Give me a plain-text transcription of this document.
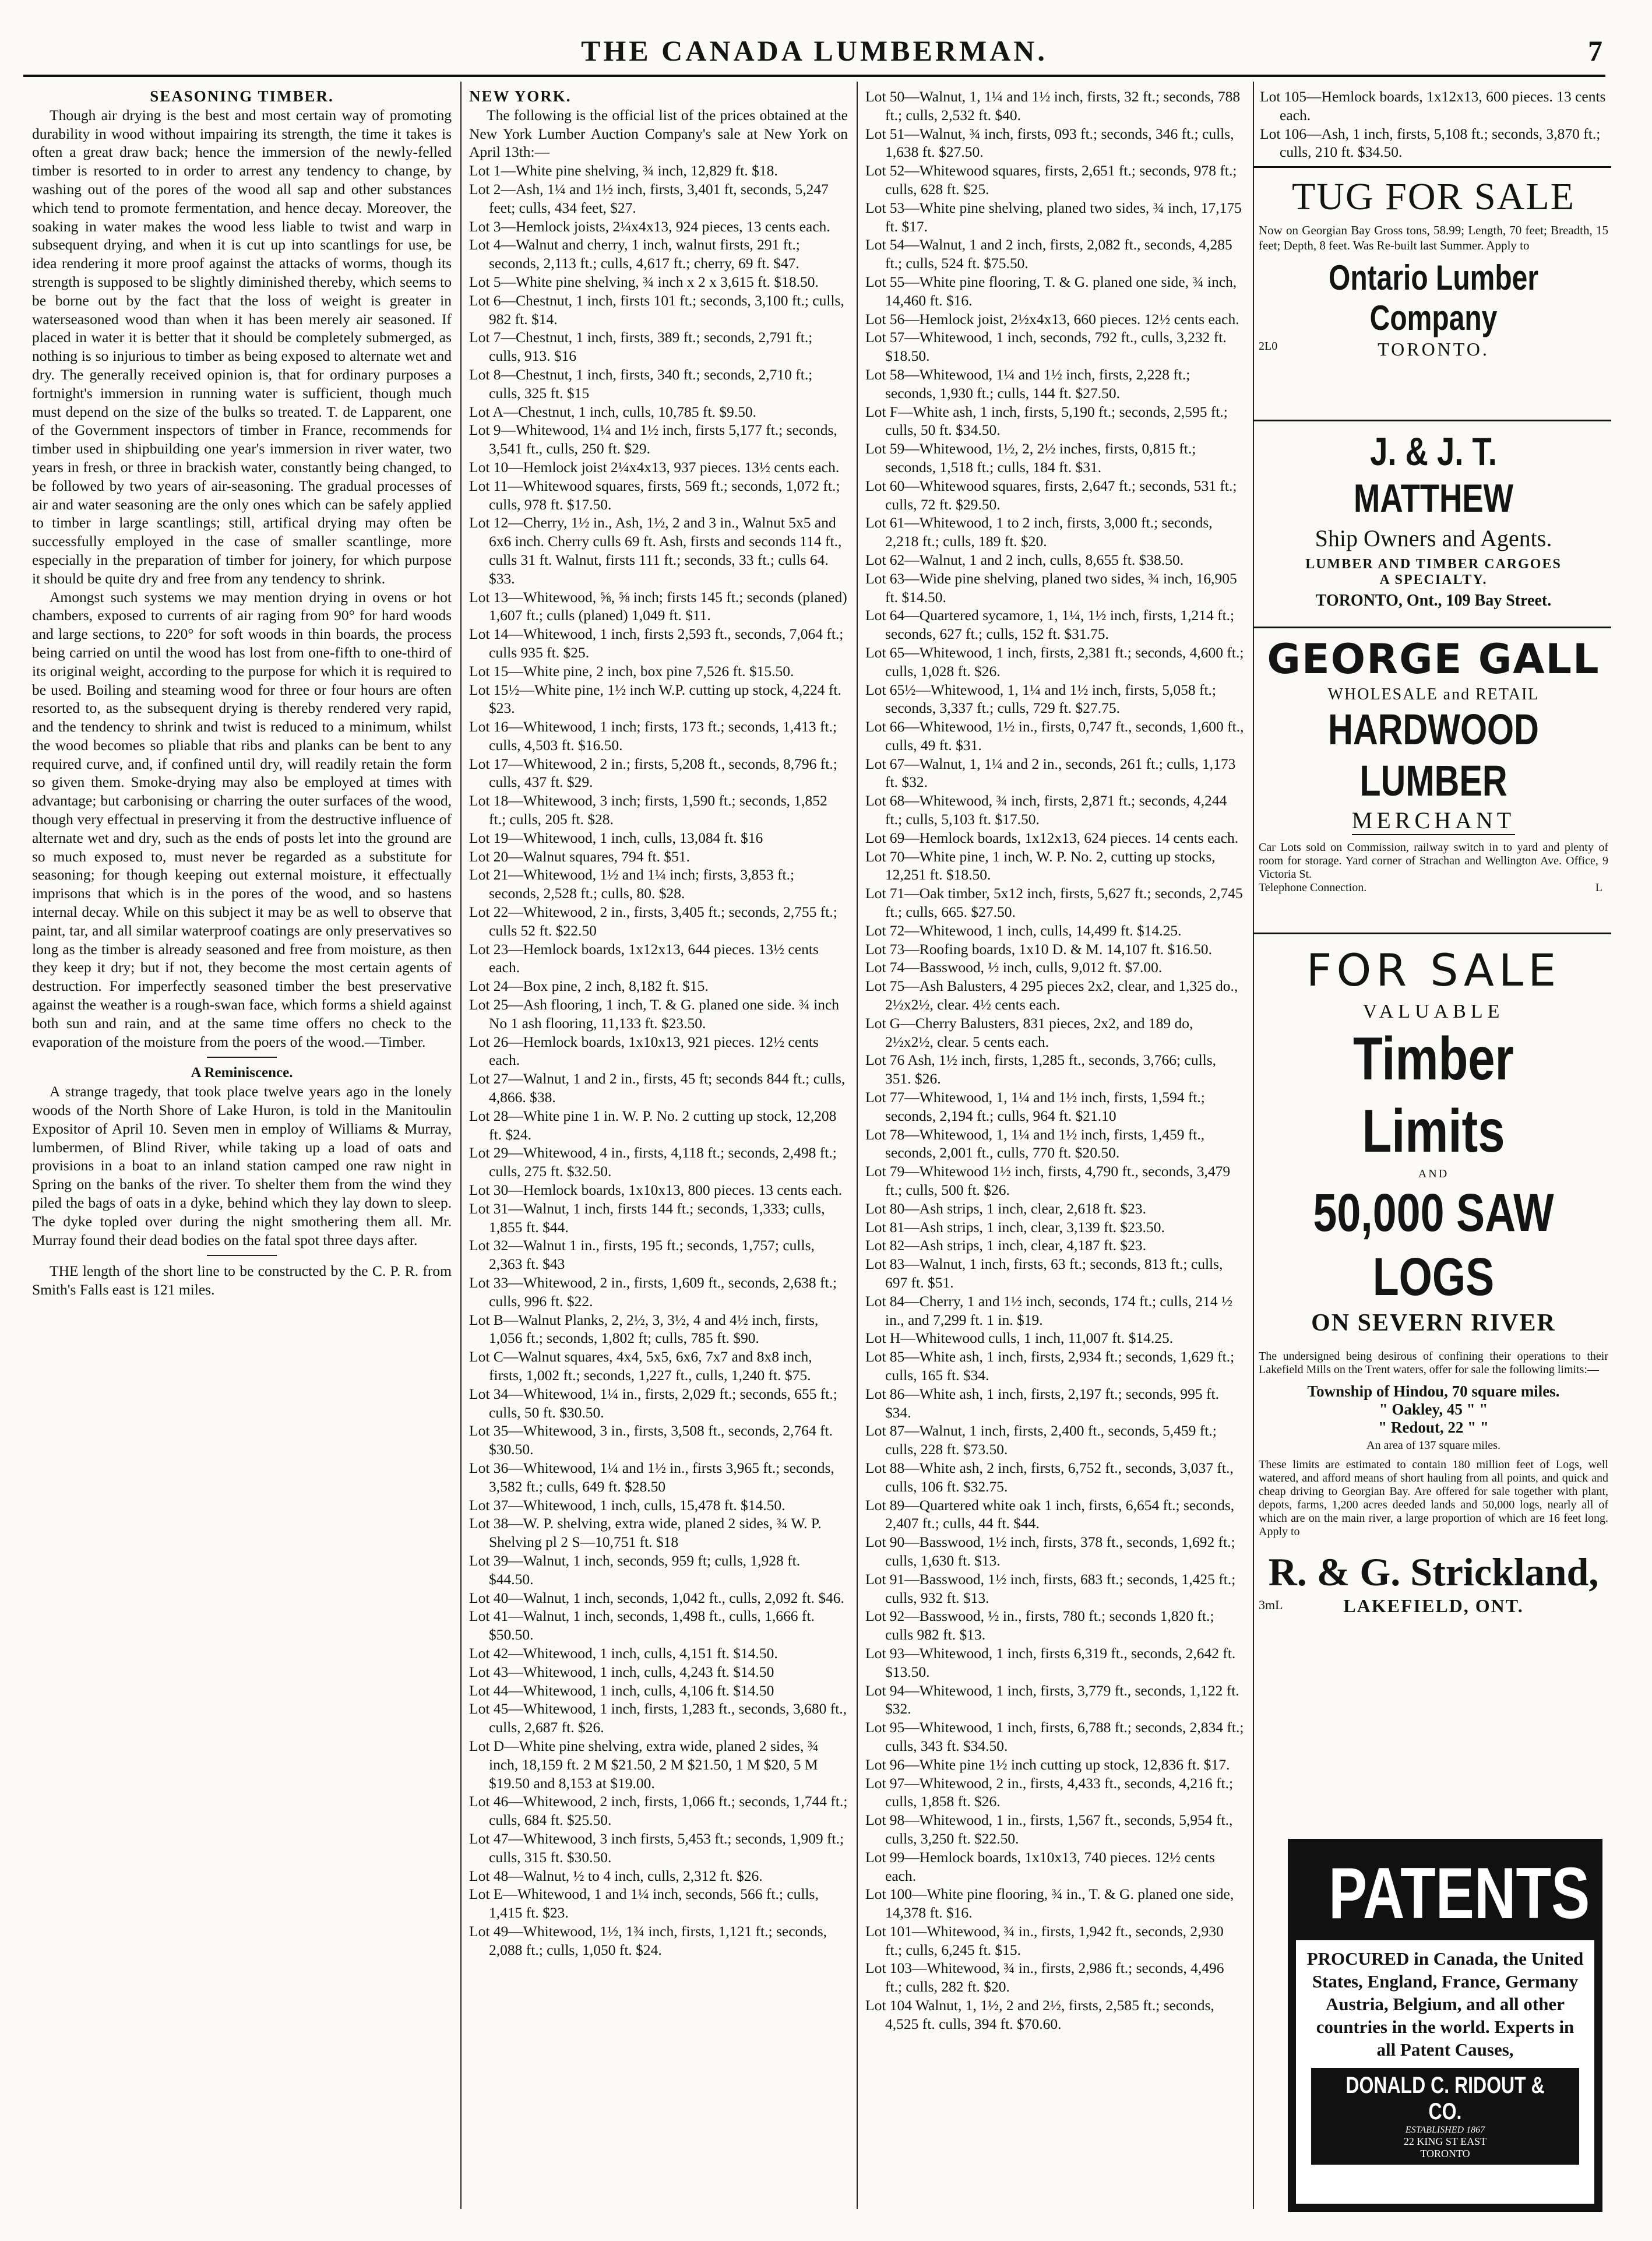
THE CANADA LUMBERMAN.	7

SEASONING TIMBER.

Though air drying is the best and most certain way of promoting durability in wood without impairing its strength, the time it takes is often a great draw back; hence the immersion of the newly-felled timber is resorted to in order to arrest any tendency to change, by washing out of the pores of the wood all sap and other substances which tend to promote fermentation, and hence decay. Moreover, the soaking in water makes the wood less liable to twist and warp in subsequent drying, and when it is cut up into scantlings for use, be idea rendering it more proof against the attacks of worms, though its strength is supposed to be slightly diminished thereby, which seems to be borne out by the fact that the loss of weight is greater in waterseasoned wood than when it has been merely air seasoned. If placed in water it is better that it should be completely submerged, as nothing is so injurious to timber as being exposed to alternate wet and dry. The generally received opinion is, that for ordinary purposes a fortnight's immersion in running water is sufficient, though much must depend on the size of the bulks so treated. T. de Lapparent, one of the Government inspectors of timber in France, recommends for timber used in shipbuilding one year's immersion in river water, two years in fresh, or three in brackish water, constantly being changed, to be followed by two years of air-seasoning. The gradual processes of air and water seasoning are the only ones which can be safely applied to timber in large scantlings; still, artifical drying may often be successfully employed in the case of smaller scantlinge, more especially in the preparation of timber for joinery, for which purpose it should be quite dry and free from any tendency to shrink.

Amongst such systems we may mention drying in ovens or hot chambers, exposed to currents of air raging from 90° for hard woods and large sections, to 220° for soft woods in thin boards, the process being carried on until the wood has lost from one-fifth to one-third of its original weight, according to the purpose for which it is required to be used. Boiling and steaming wood for three or four hours are often resorted to, as the subsequent drying is thereby rendered very rapid, and the tendency to shrink and twist is reduced to a minimum, whilst the wood becomes so pliable that ribs and planks can be bent to any required curve, and, if confined until dry, will readily retain the form so given them. Smoke-drying may also be employed at times with advantage; but carbonising or charring the outer surfaces of the wood, though very effectual in preserving it from the destructive influence of alternate wet and dry, such as the ends of posts let into the ground are so much exposed to, must never be regarded as a substitute for seasoning; for though keeping out external moisture, it effectually imprisons that which is in the pores of the wood, and so hastens internal decay. While on this subject it may be as well to observe that paint, tar, and all similar waterproof coatings are only preservatives so long as the timber is already seasoned and free from moisture, as then they keep it dry; but if not, they become the most certain agents of destruction. For imperfectly seasoned timber the best preservative against the weather is a rough-swan face, which forms a shield against both sun and rain, and at the same time offers no check to the evaporation of the moisture from the poers of the wood.—Timber.

A Reminiscence.

A strange tragedy, that took place twelve years ago in the lonely woods of the North Shore of Lake Huron, is told in the Manitoulin Expositor of April 10. Seven men in employ of Williams & Murray, lumbermen, of Blind River, while taking up a load of oats and provisions in a boat to an inland station camped one raw night in Spring on the banks of the river. To shelter them from the wind they piled the bags of oats in a dyke, behind which they lay down to sleep. The dyke topled over during the night smothering them all. Mr. Murray found their dead bodies on the fatal spot three days after.

THE length of the short line to be constructed by the C. P. R. from Smith's Falls east is 121 miles.

NEW YORK.

The following is the official list of the prices obtained at the New York Lumber Auction Company's sale at New York on April 13th:—

Lot 1—White pine shelving, ¾ inch, 12,829 ft. $18.

Lot 2—Ash, 1¼ and 1½ inch, firsts, 3,401 ft, seconds, 5,247 feet; culls, 434 feet, $27.

Lot 3—Hemlock joists, 2¼x4x13, 924 pieces, 13 cents each.

Lot 4—Walnut and cherry, 1 inch, walnut firsts, 291 ft.; seconds, 2,113 ft.; culls, 4,617 ft.; cherry, 69 ft. $47.

Lot 5—White pine shelving, ¾ inch x 2 x 3,615 ft. $18.50.

Lot 6—Chestnut, 1 inch, firsts 101 ft.; seconds, 3,100 ft.; culls, 982 ft. $14.

Lot 7—Chestnut, 1 inch, firsts, 389 ft.; seconds, 2,791 ft.; culls, 913. $16

Lot 8—Chestnut, 1 inch, firsts, 340 ft.; seconds, 2,710 ft.; culls, 325 ft. $15

Lot A—Chestnut, 1 inch, culls, 10,785 ft. $9.50.

Lot 9—Whitewood, 1¼ and 1½ inch, firsts 5,177 ft.; seconds, 3,541 ft., culls, 250 ft. $29.

Lot 10—Hemlock joist 2¼x4x13, 937 pieces. 13½ cents each.

Lot 11—Whitewood squares, firsts, 569 ft.; seconds, 1,072 ft.; culls, 978 ft. $17.50.

Lot 12—Cherry, 1½ in., Ash, 1½, 2 and 3 in., Walnut 5x5 and 6x6 inch. Cherry culls 69 ft. Ash, firsts and seconds 114 ft., culls 31 ft. Walnut, firsts 111 ft.; seconds, 33 ft.; culls 64. $33.

Lot 13—Whitewood, ⅝, ⅝ inch; firsts 145 ft.; seconds (planed) 1,607 ft.; culls (planed) 1,049 ft. $11.

Lot 14—Whitewood, 1 inch, firsts 2,593 ft., seconds, 7,064 ft.; culls 935 ft. $25.

Lot 15—White pine, 2 inch, box pine 7,526 ft. $15.50.

Lot 15½—White pine, 1½ inch W.P. cutting up stock, 4,224 ft. $23.

Lot 16—Whitewood, 1 inch; firsts, 173 ft.; seconds, 1,413 ft.; culls, 4,503 ft. $16.50.

Lot 17—Whitewood, 2 in.; firsts, 5,208 ft., seconds, 8,796 ft.; culls, 437 ft. $29.

Lot 18—Whitewood, 3 inch; firsts, 1,590 ft.; seconds, 1,852 ft.; culls, 205 ft. $28.

Lot 19—Whitewood, 1 inch, culls, 13,084 ft. $16

Lot 20—Walnut squares, 794 ft. $51.

Lot 21—Whitewood, 1½ and 1¼ inch; firsts, 3,853 ft.; seconds, 2,528 ft.; culls, 80. $28.

Lot 22—Whitewood, 2 in., firsts, 3,405 ft.; seconds, 2,755 ft.; culls 52 ft. $22.50

Lot 23—Hemlock boards, 1x12x13, 644 pieces. 13½ cents each.

Lot 24—Box pine, 2 inch, 8,182 ft. $15.

Lot 25—Ash flooring, 1 inch, T. & G. planed one side. ¾ inch No 1 ash flooring, 11,133 ft. $23.50.

Lot 26—Hemlock boards, 1x10x13, 921 pieces. 12½ cents each.

Lot 27—Walnut, 1 and 2 in., firsts, 45 ft; seconds 844 ft.; culls, 4,866. $38.

Lot 28—White pine 1 in. W. P. No. 2 cutting up stock, 12,208 ft. $24.

Lot 29—Whitewood, 4 in., firsts, 4,118 ft.; seconds, 2,498 ft.; culls, 275 ft. $32.50.

Lot 30—Hemlock boards, 1x10x13, 800 pieces. 13 cents each.

Lot 31—Walnut, 1 inch, firsts 144 ft.; seconds, 1,333; culls, 1,855 ft. $44.

Lot 32—Walnut 1 in., firsts, 195 ft.; seconds, 1,757; culls, 2,363 ft. $43

Lot 33—Whitewood, 2 in., firsts, 1,609 ft., seconds, 2,638 ft.; culls, 996 ft. $22.

Lot B—Walnut Planks, 2, 2½, 3, 3½, 4 and 4½ inch, firsts, 1,056 ft.; seconds, 1,802 ft; culls, 785 ft. $90.

Lot C—Walnut squares, 4x4, 5x5, 6x6, 7x7 and 8x8 inch, firsts, 1,002 ft.; seconds, 1,227 ft., culls, 1,240 ft. $75.

Lot 34—Whitewood, 1¼ in., firsts, 2,029 ft.; seconds, 655 ft.; culls, 50 ft. $30.50.

Lot 35—Whitewood, 3 in., firsts, 3,508 ft., seconds, 2,764 ft. $30.50.

Lot 36—Whitewood, 1¼ and 1½ in., firsts 3,965 ft.; seconds, 3,582 ft.; culls, 649 ft. $28.50

Lot 37—Whitewood, 1 inch, culls, 15,478 ft. $14.50.

Lot 38—W. P. shelving, extra wide, planed 2 sides, ¾ W. P. Shelving pl 2 S—10,751 ft. $18

Lot 39—Walnut, 1 inch, seconds, 959 ft; culls, 1,928 ft. $44.50.

Lot 40—Walnut, 1 inch, seconds, 1,042 ft., culls, 2,092 ft. $46.

Lot 41—Walnut, 1 inch, seconds, 1,498 ft., culls, 1,666 ft. $50.50.

Lot 42—Whitewood, 1 inch, culls, 4,151 ft. $14.50.

Lot 43—Whitewood, 1 inch, culls, 4,243 ft. $14.50

Lot 44—Whitewood, 1 inch, culls, 4,106 ft. $14.50

Lot 45—Whitewood, 1 inch, firsts, 1,283 ft., seconds, 3,680 ft., culls, 2,687 ft. $26.

Lot D—White pine shelving, extra wide, planed 2 sides, ¾ inch, 18,159 ft. 2 M $21.50, 2 M $21.50, 1 M $20, 5 M $19.50 and 8,153 at $19.00.

Lot 46—Whitewood, 2 inch, firsts, 1,066 ft.; seconds, 1,744 ft.; culls, 684 ft. $25.50.

Lot 47—Whitewood, 3 inch firsts, 5,453 ft.; seconds, 1,909 ft.; culls, 315 ft. $30.50.

Lot 48—Walnut, ½ to 4 inch, culls, 2,312 ft. $26.

Lot E—Whitewood, 1 and 1¼ inch, seconds, 566 ft.; culls, 1,415 ft. $23.

Lot 49—Whitewood, 1½, 1¾ inch, firsts, 1,121 ft.; seconds, 2,088 ft.; culls, 1,050 ft. $24.

Lot 50—Walnut, 1, 1¼ and 1½ inch, firsts, 32 ft.; seconds, 788 ft.; culls, 2,532 ft. $40.

Lot 51—Walnut, ¾ inch, firsts, 093 ft.; seconds, 346 ft.; culls, 1,638 ft. $27.50.

Lot 52—Whitewood squares, firsts, 2,651 ft.; seconds, 978 ft.; culls, 628 ft. $25.

Lot 53—White pine shelving, planed two sides, ¾ inch, 17,175 ft. $17.

Lot 54—Walnut, 1 and 2 inch, firsts, 2,082 ft., seconds, 4,285 ft.; culls, 524 ft. $75.50.

Lot 55—White pine flooring, T. & G. planed one side, ¾ inch, 14,460 ft. $16.

Lot 56—Hemlock joist, 2½x4x13, 660 pieces. 12½ cents each.

Lot 57—Whitewood, 1 inch, seconds, 792 ft., culls, 3,232 ft. $18.50.

Lot 58—Whitewood, 1¼ and 1½ inch, firsts, 2,228 ft.; seconds, 1,930 ft.; culls, 144 ft. $27.50.

Lot F—White ash, 1 inch, firsts, 5,190 ft.; seconds, 2,595 ft.; culls, 50 ft. $34.50.

Lot 59—Whitewood, 1½, 2, 2½ inches, firsts, 0,815 ft.; seconds, 1,518 ft.; culls, 184 ft. $31.

Lot 60—Whitewood squares, firsts, 2,647 ft.; seconds, 531 ft.; culls, 72 ft. $29.50.

Lot 61—Whitewood, 1 to 2 inch, firsts, 3,000 ft.; seconds, 2,218 ft.; culls, 189 ft. $20.

Lot 62—Walnut, 1 and 2 inch, culls, 8,655 ft. $38.50.

Lot 63—Wide pine shelving, planed two sides, ¾ inch, 16,905 ft. $14.50.

Lot 64—Quartered sycamore, 1, 1¼, 1½ inch, firsts, 1,214 ft.; seconds, 627 ft.; culls, 152 ft. $31.75.

Lot 65—Whitewood, 1 inch, firsts, 2,381 ft.; seconds, 4,600 ft.; culls, 1,028 ft. $26.

Lot 65½—Whitewood, 1, 1¼ and 1½ inch, firsts, 5,058 ft.; seconds, 3,337 ft.; culls, 729 ft. $27.75.

Lot 66—Whitewood, 1½ in., firsts, 0,747 ft., seconds, 1,600 ft., culls, 49 ft. $31.

Lot 67—Walnut, 1, 1¼ and 2 in., seconds, 261 ft.; culls, 1,173 ft. $32.

Lot 68—Whitewood, ¾ inch, firsts, 2,871 ft.; seconds, 4,244 ft.; culls, 5,103 ft. $17.50.

Lot 69—Hemlock boards, 1x12x13, 624 pieces. 14 cents each.

Lot 70—White pine, 1 inch, W. P. No. 2, cutting up stocks, 12,251 ft. $18.50.

Lot 71—Oak timber, 5x12 inch, firsts, 5,627 ft.; seconds, 2,745 ft.; culls, 665. $27.50.

Lot 72—Whitewood, 1 inch, culls, 14,499 ft. $14.25.

Lot 73—Roofing boards, 1x10 D. & M. 14,107 ft. $16.50.

Lot 74—Basswood, ½ inch, culls, 9,012 ft. $7.00.

Lot 75—Ash Balusters, 4 295 pieces 2x2, clear, and 1,325 do., 2½x2½, clear. 4½ cents each.

Lot G—Cherry Balusters, 831 pieces, 2x2, and 189 do, 2½x2½, clear. 5 cents each.

Lot 76 Ash, 1½ inch, firsts, 1,285 ft., seconds, 3,766; culls, 351. $26.

Lot 77—Whitewood, 1, 1¼ and 1½ inch, firsts, 1,594 ft.; seconds, 2,194 ft.; culls, 964 ft. $21.10

Lot 78—Whitewood, 1, 1¼ and 1½ inch, firsts, 1,459 ft., seconds, 2,001 ft., culls, 770 ft. $20.50.

Lot 79—Whitewood 1½ inch, firsts, 4,790 ft., seconds, 3,479 ft.; culls, 500 ft. $26.

Lot 80—Ash strips, 1 inch, clear, 2,618 ft. $23.

Lot 81—Ash strips, 1 inch, clear, 3,139 ft. $23.50.

Lot 82—Ash strips, 1 inch, clear, 4,187 ft. $23.

Lot 83—Walnut, 1 inch, firsts, 63 ft.; seconds, 813 ft.; culls, 697 ft. $51.

Lot 84—Cherry, 1 and 1½ inch, seconds, 174 ft.; culls, 214 ½ in., and 7,299 ft. 1 in. $19.

Lot H—Whitewood culls, 1 inch, 11,007 ft. $14.25.

Lot 85—White ash, 1 inch, firsts, 2,934 ft.; seconds, 1,629 ft.; culls, 165 ft. $34.

Lot 86—White ash, 1 inch, firsts, 2,197 ft.; seconds, 995 ft. $34.

Lot 87—Walnut, 1 inch, firsts, 2,400 ft., seconds, 5,459 ft.; culls, 228 ft. $73.50.

Lot 88—White ash, 2 inch, firsts, 6,752 ft., seconds, 3,037 ft., culls, 106 ft. $32.75.

Lot 89—Quartered white oak 1 inch, firsts, 6,654 ft.; seconds, 2,407 ft.; culls, 44 ft. $44.

Lot 90—Basswood, 1½ inch, firsts, 378 ft., seconds, 1,692 ft.; culls, 1,630 ft. $13.

Lot 91—Basswood, 1½ inch, firsts, 683 ft.; seconds, 1,425 ft.; culls, 932 ft. $13.

Lot 92—Basswood, ½ in., firsts, 780 ft.; seconds 1,820 ft.; culls 982 ft. $13.

Lot 93—Whitewood, 1 inch, firsts 6,319 ft., seconds, 2,642 ft. $13.50.

Lot 94—Whitewood, 1 inch, firsts, 3,779 ft., seconds, 1,122 ft. $32.

Lot 95—Whitewood, 1 inch, firsts, 6,788 ft.; seconds, 2,834 ft.; culls, 343 ft. $34.50.

Lot 96—White pine 1½ inch cutting up stock, 12,836 ft. $17.

Lot 97—Whitewood, 2 in., firsts, 4,433 ft., seconds, 4,216 ft.; culls, 1,858 ft. $26.

Lot 98—Whitewood, 1 in., firsts, 1,567 ft., seconds, 5,954 ft., culls, 3,250 ft. $22.50.

Lot 99—Hemlock boards, 1x10x13, 740 pieces. 12½ cents each.

Lot 100—White pine flooring, ¾ in., T. & G. planed one side, 14,378 ft. $16.

Lot 101—Whitewood, ¾ in., firsts, 1,942 ft., seconds, 2,930 ft.; culls, 6,245 ft. $15.

Lot 103—Whitewood, ¾ in., firsts, 2,986 ft.; seconds, 4,496 ft.; culls, 282 ft. $20.

Lot 104 Walnut, 1, 1½, 2 and 2½, firsts, 2,585 ft.; seconds, 4,525 ft. culls, 394 ft. $70.60.

Lot 105—Hemlock boards, 1x12x13, 600 pieces. 13 cents each.

Lot 106—Ash, 1 inch, firsts, 5,108 ft.; seconds, 3,870 ft.; culls, 210 ft. $34.50.

TUG FOR SALE
Now on Georgian Bay Gross tons, 58.99; Length, 70 feet; Breadth, 15 feet; Depth, 8 feet. Was Re-built last Summer. Apply to
Ontario Lumber Company
2L0	TORONTO.
J. & J. T. MATTHEW
Ship Owners and Agents.
LUMBER AND TIMBER CARGOES
A SPECIALTY.
TORONTO, Ont., 109 Bay Street.
GEORGE GALL
WHOLESALE and RETAIL
HARDWOOD LUMBER
MERCHANT
Car Lots sold on Commission, railway switch in to yard and plenty of room for storage. Yard corner of Strachan and Wellington Ave. Office, 9 Victoria St.
Telephone Connection.	L
FOR SALE
VALUABLE
Timber Limits
AND
50,000 SAW LOGS
ON SEVERN RIVER
The undersigned being desirous of confining their operations to their Lakefield Mills on the Trent waters, offer for sale the following limits:—
Township of Hindou, 70 square miles.
" Oakley, 45 " "
" Redout, 22 " "
An area of 137 square miles.
These limits are estimated to contain 180 million feet of Logs, well watered, and afford means of short hauling from all points, and quick and cheap driving to Georgian Bay. Are offered for sale together with plant, depots, farms, 1,200 acres deeded lands and 50,000 logs, nearly all of which are on the main river, a large proportion of which are 16 feet long. Apply to
R. & G. Strickland,
3mL	LAKEFIELD, ONT.
PATENTS
PROCURED in Canada, the United States, England, France, Germany Austria, Belgium, and all other countries in the world. Experts in all Patent Causes,
DONALD C. RIDOUT & CO.
ESTABLISHED 1867
22 KING ST EAST
TORONTO
